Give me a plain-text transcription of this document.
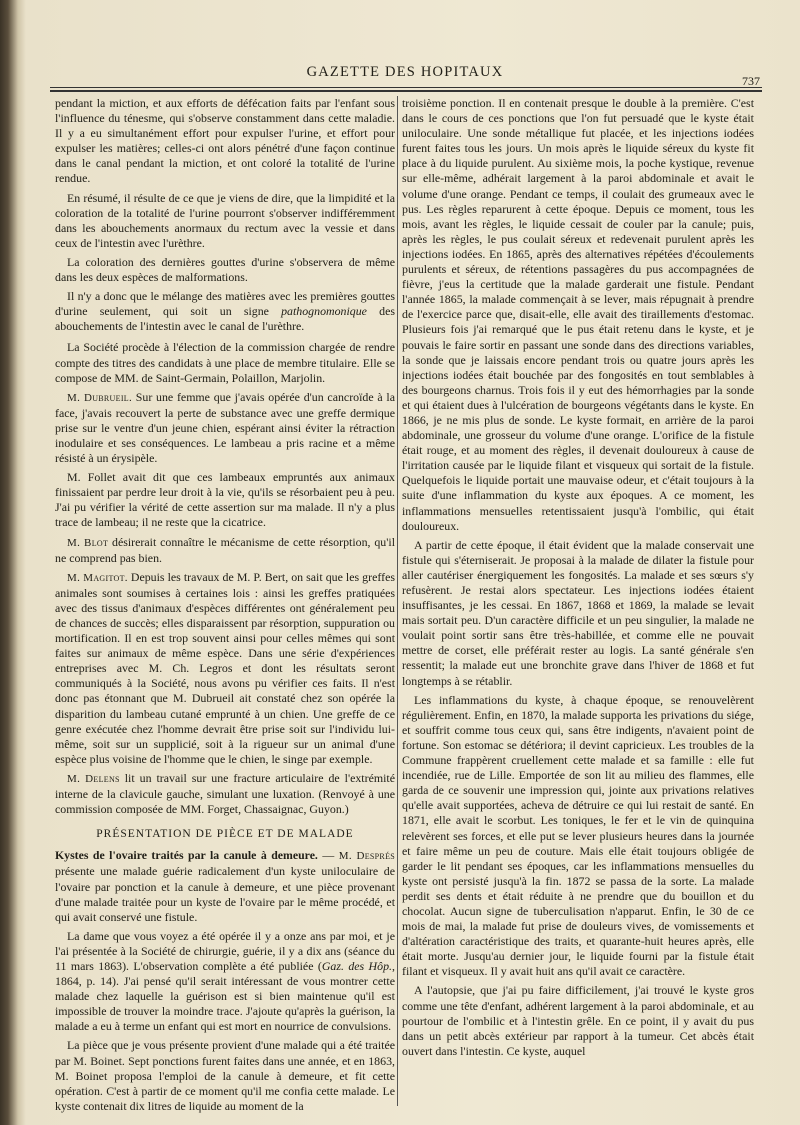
GAZETTE DES HOPITAUX
737

pendant la miction, et aux efforts de défécation faits par l'enfant sous l'influence du ténesme, qui s'observe constamment dans cette maladie. Il y a eu simultanément effort pour expulser l'urine, et effort pour expulser les matières; celles-ci ont alors pénétré d'une façon continue dans le canal pendant la miction, et ont coloré la totalité de l'urine rendue.

En résumé, il résulte de ce que je viens de dire, que la limpidité et la coloration de la totalité de l'urine pourront s'observer indifféremment dans les abouchements anormaux du rectum avec la vessie et dans ceux de l'intestin avec l'urèthre.

La coloration des dernières gouttes d'urine s'observera de même dans les deux espèces de malformations.

Il n'y a donc que le mélange des matières avec les premières gouttes d'urine seulement, qui soit un signe pathognomonique des abouchements de l'intestin avec le canal de l'urèthre.

La Société procède à l'élection de la commission chargée de rendre compte des titres des candidats à une place de membre titulaire. Elle se compose de MM. de Saint-Germain, Polaillon, Marjolin.

M. Dubrueil. Sur une femme que j'avais opérée d'un cancroïde à la face, j'avais recouvert la perte de substance avec une greffe dermique prise sur le ventre d'un jeune chien, espérant ainsi éviter la rétraction inodulaire et ses conséquences. Le lambeau a pris racine et a même résisté à un érysipèle.

M. Follet avait dit que ces lambeaux empruntés aux animaux finissaient par perdre leur droit à la vie, qu'ils se résorbaient peu à peu. J'ai pu vérifier la vérité de cette assertion sur ma malade. Il n'y a plus trace de lambeau; il ne reste que la cicatrice.

M. Blot désirerait connaître le mécanisme de cette résorption, qu'il ne comprend pas bien.

M. Magitot. Depuis les travaux de M. P. Bert, on sait que les greffes animales sont soumises à certaines lois : ainsi les greffes pratiquées avec des tissus d'animaux d'espèces différentes ont généralement peu de chances de succès; elles disparaissent par résorption, suppuration ou mortification. Il en est trop souvent ainsi pour celles mêmes qui sont faites sur animaux de même espèce. Dans une série d'expériences entreprises avec M. Ch. Legros et dont les résultats seront communiqués à la Société, nous avons pu vérifier ces faits. Il n'est donc pas étonnant que M. Dubrueil ait constaté chez son opérée la disparition du lambeau cutané emprunté à un chien. Une greffe de ce genre exécutée chez l'homme devrait être prise soit sur l'individu lui-même, soit sur un supplicié, soit à la rigueur sur un animal d'une espèce plus voisine de l'homme que le chien, le singe par exemple.

M. Delens lit un travail sur une fracture articulaire de l'extrémité interne de la clavicule gauche, simulant une luxation. (Renvoyé à une commission composée de MM. Forget, Chassaignac, Guyon.)

PRÉSENTATION DE PIÈCE ET DE MALADE

Kystes de l'ovaire traités par la canule à demeure. — M. Després présente une malade guérie radicalement d'un kyste uniloculaire de l'ovaire par ponction et la canule à demeure, et une pièce provenant d'une malade traitée pour un kyste de l'ovaire par le même procédé, et qui avait conservé une fistule.

La dame que vous voyez a été opérée il y a onze ans par moi, et je l'ai présentée à la Société de chirurgie, guérie, il y a dix ans (séance du 11 mars 1863). L'observation complète a été publiée (Gaz. des Hôp., 1864, p. 14). J'ai pensé qu'il serait intéressant de vous montrer cette malade chez laquelle la guérison est si bien maintenue qu'il est impossible de trouver la moindre trace. J'ajoute qu'après la guérison, la malade a eu à terme un enfant qui est mort en nourrice de convulsions.

La pièce que je vous présente provient d'une malade qui a été traitée par M. Boinet. Sept ponctions furent faites dans une année, et en 1863, M. Boinet proposa l'emploi de la canule à demeure, et fit cette opération. C'est à partir de ce moment qu'il me confia cette malade. Le kyste contenait dix litres de liquide au moment de la

troisième ponction. Il en contenait presque le double à la première. C'est dans le cours de ces ponctions que l'on fut persuadé que le kyste était uniloculaire. Une sonde métallique fut placée, et les injections iodées furent faites tous les jours. Un mois après le liquide séreux du kyste fit place à du liquide purulent. Au sixième mois, la poche kystique, revenue sur elle-même, adhérait largement à la paroi abdominale et avait le volume d'une orange. Pendant ce temps, il coulait des grumeaux avec le pus. Les règles reparurent à cette époque. Depuis ce moment, tous les mois, avant les règles, le liquide cessait de couler par la canule; puis, après les règles, le pus coulait séreux et redevenait purulent après les injections iodées. En 1865, après des alternatives répétées d'écoulements purulents et séreux, de rétentions passagères du pus accompagnées de fièvre, j'eus la certitude que la malade garderait une fistule. Pendant l'année 1865, la malade commençait à se lever, mais répugnait à prendre de l'exercice parce que, disait-elle, elle avait des tiraillements d'estomac. Plusieurs fois j'ai remarqué que le pus était retenu dans le kyste, et je pouvais le faire sortir en passant une sonde dans des directions variables, la sonde que je laissais encore pendant trois ou quatre jours après les injections iodées était bouchée par des fongosités en tout semblables à des bourgeons charnus. Trois fois il y eut des hémorrhagies par la sonde et qui étaient dues à l'ulcération de bourgeons végétants dans le kyste. En 1866, je ne mis plus de sonde. Le kyste formait, en arrière de la paroi abdominale, une grosseur du volume d'une orange. L'orifice de la fistule était rouge, et au moment des règles, il devenait douloureux à cause de l'irritation causée par le liquide filant et visqueux qui sortait de la fistule. Quelquefois le liquide portait une mauvaise odeur, et c'était toujours à la suite d'une inflammation du kyste aux époques. A ce moment, les inflammations mensuelles retentissaient jusqu'à l'ombilic, qui était douloureux.

A partir de cette époque, il était évident que la malade conservait une fistule qui s'éterniserait. Je proposai à la malade de dilater la fistule pour aller cautériser énergiquement les fongosités. La malade et ses sœurs s'y refusèrent. Je restai alors spectateur. Les injections iodées étaient insuffisantes, je les cessai. En 1867, 1868 et 1869, la malade se levait mais sortait peu. D'un caractère difficile et un peu singulier, la malade ne voulait point sortir sans être très-habillée, et comme elle ne pouvait mettre de corset, elle préférait rester au logis. La santé générale s'en ressentit; la malade eut une bronchite grave dans l'hiver de 1868 et fut longtemps à se rétablir.

Les inflammations du kyste, à chaque époque, se renouvelèrent régulièrement. Enfin, en 1870, la malade supporta les privations du siége, et souffrit comme tous ceux qui, sans être indigents, n'avaient point de fortune. Son estomac se détériora; il devint capricieux. Les troubles de la Commune frappèrent cruellement cette malade et sa famille : elle fut incendiée, rue de Lille. Emportée de son lit au milieu des flammes, elle garda de ce souvenir une impression qui, jointe aux privations relatives qu'elle avait supportées, acheva de détruire ce qui lui restait de santé. En 1871, elle avait le scorbut. Les toniques, le fer et le vin de quinquina relevèrent ses forces, et elle put se lever plusieurs heures dans la journée et faire même un peu de couture. Mais elle était toujours obligée de garder le lit pendant ses époques, car les inflammations mensuelles du kyste ont persisté jusqu'à la fin. 1872 se passa de la sorte. La malade perdit ses dents et était réduite à ne prendre que du bouillon et du chocolat. Aucun signe de tuberculisation n'apparut. Enfin, le 30 de ce mois de mai, la malade fut prise de douleurs vives, de vomissements et d'altération caractéristique des traits, et quarante-huit heures après, elle était morte. Jusqu'au dernier jour, le liquide fourni par la fistule était filant et visqueux. Il y avait huit ans qu'il avait ce caractère.

A l'autopsie, que j'ai pu faire difficilement, j'ai trouvé le kyste gros comme une tête d'enfant, adhérent largement à la paroi abdominale, et au pourtour de l'ombilic et à l'intestin grêle. En ce point, il y avait du pus dans un petit abcès extérieur par rapport à la tumeur. Cet abcès était ouvert dans l'intestin. Ce kyste, auquel
